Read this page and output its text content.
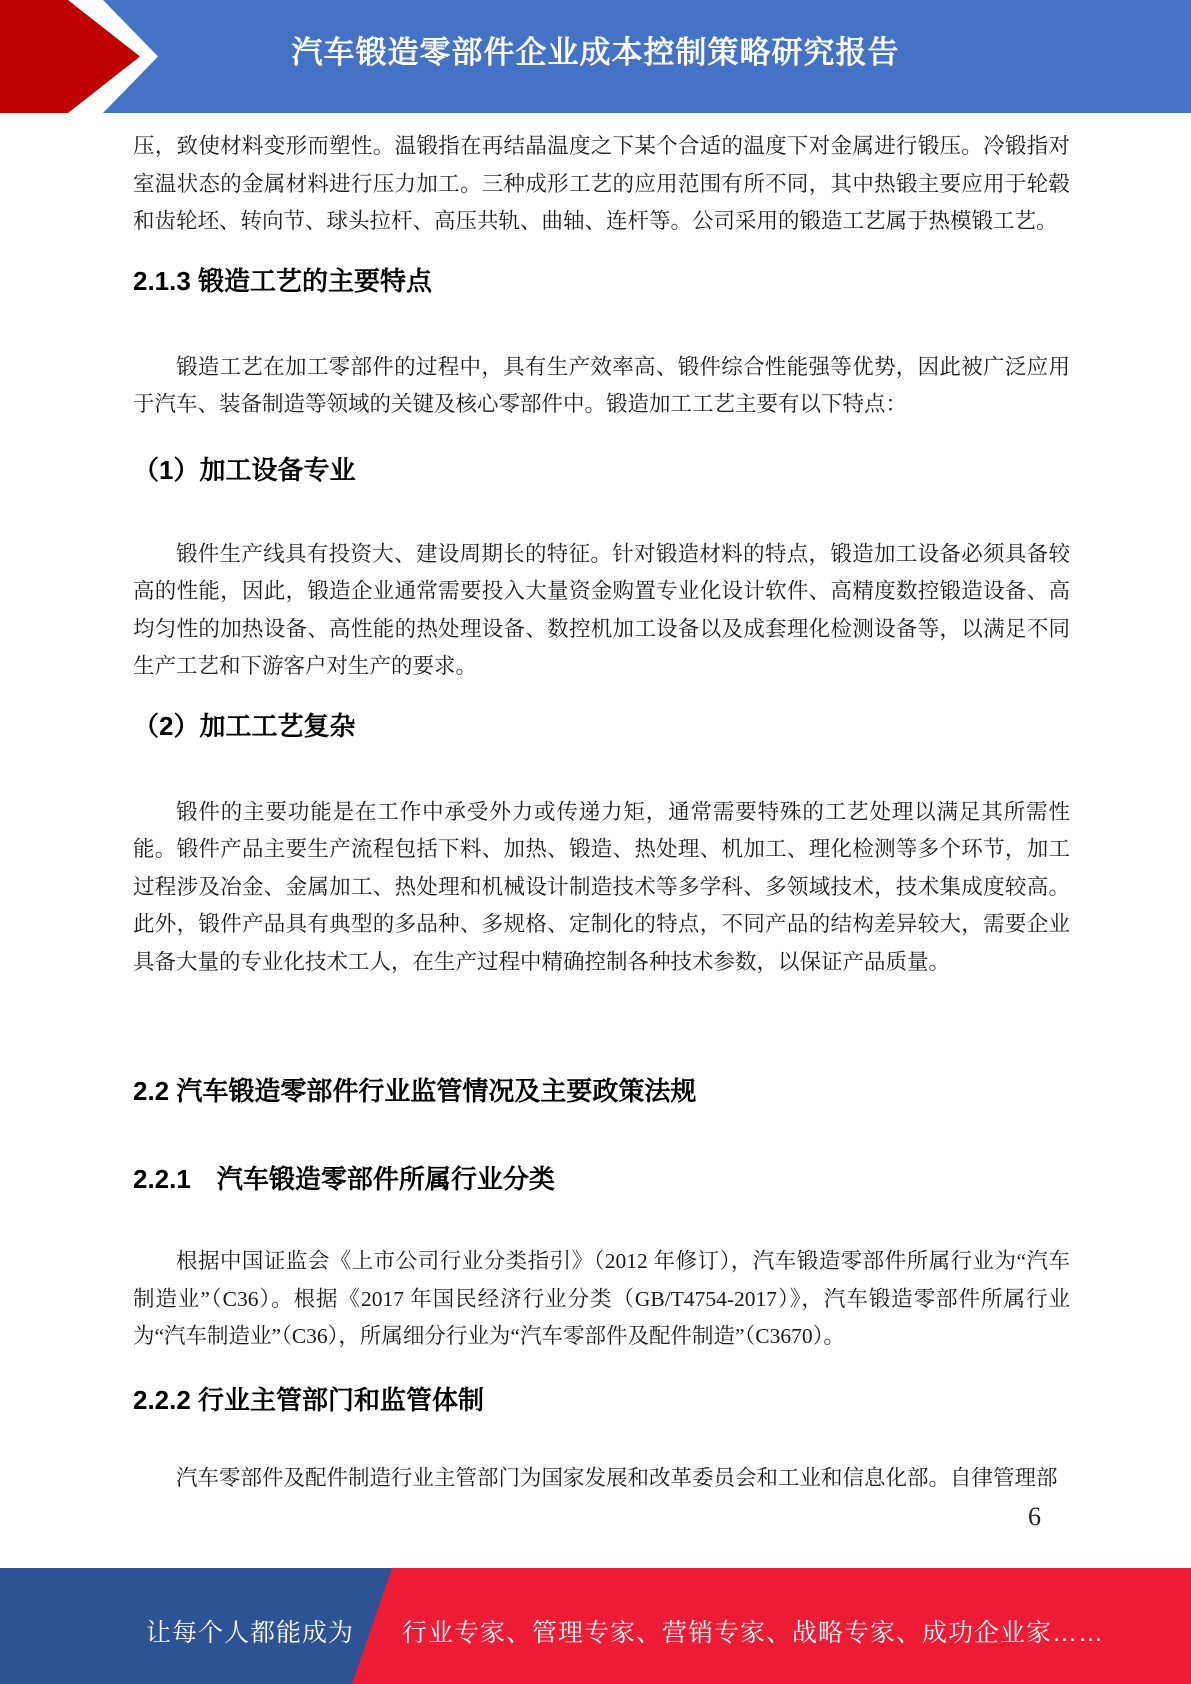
汽车锻造零部件企业成本控制策略研究报告

压，致使材料变形而塑性。温锻指在再结晶温度之下某个合适的温度下对金属进行锻压。冷锻指对室温状态的金属材料进行压力加工。三种成形工艺的应用范围有所不同，其中热锻主要应用于轮毂和齿轮坯、转向节、球头拉杆、高压共轨、曲轴、连杆等。公司采用的锻造工艺属于热模锻工艺。

2.1.3 锻造工艺的主要特点

锻造工艺在加工零部件的过程中，具有生产效率高、锻件综合性能强等优势，因此被广泛应用于汽车、装备制造等领域的关键及核心零部件中。锻造加工工艺主要有以下特点：

（1）加工设备专业

锻件生产线具有投资大、建设周期长的特征。针对锻造材料的特点，锻造加工设备必须具备较高的性能，因此，锻造企业通常需要投入大量资金购置专业化设计软件、高精度数控锻造设备、高均匀性的加热设备、高性能的热处理设备、数控机加工设备以及成套理化检测设备等，以满足不同生产工艺和下游客户对生产的要求。

（2）加工工艺复杂

锻件的主要功能是在工作中承受外力或传递力矩，通常需要特殊的工艺处理以满足其所需性能。锻件产品主要生产流程包括下料、加热、锻造、热处理、机加工、理化检测等多个环节，加工过程涉及冶金、金属加工、热处理和机械设计制造技术等多学科、多领域技术，技术集成度较高。此外，锻件产品具有典型的多品种、多规格、定制化的特点，不同产品的结构差异较大，需要企业具备大量的专业化技术工人，在生产过程中精确控制各种技术参数，以保证产品质量。

2.2 汽车锻造零部件行业监管情况及主要政策法规
2.2.1　汽车锻造零部件所属行业分类

根据中国证监会《上市公司行业分类指引》（2012 年修订），汽车锻造零部件所属行业为“汽车制造业”（C36）。根据《2017 年国民经济行业分类（GB/T4754-2017）》，汽车锻造零部件所属行业为“汽车制造业”（C36），所属细分行业为“汽车零部件及配件制造”（C3670）。

2.2.2 行业主管部门和监管体制

汽车零部件及配件制造行业主管部门为国家发展和改革委员会和工业和信息化部。自律管理部

6
让每个人都能成为 行业专家、管理专家、营销专家、战略专家、成功企业家……
